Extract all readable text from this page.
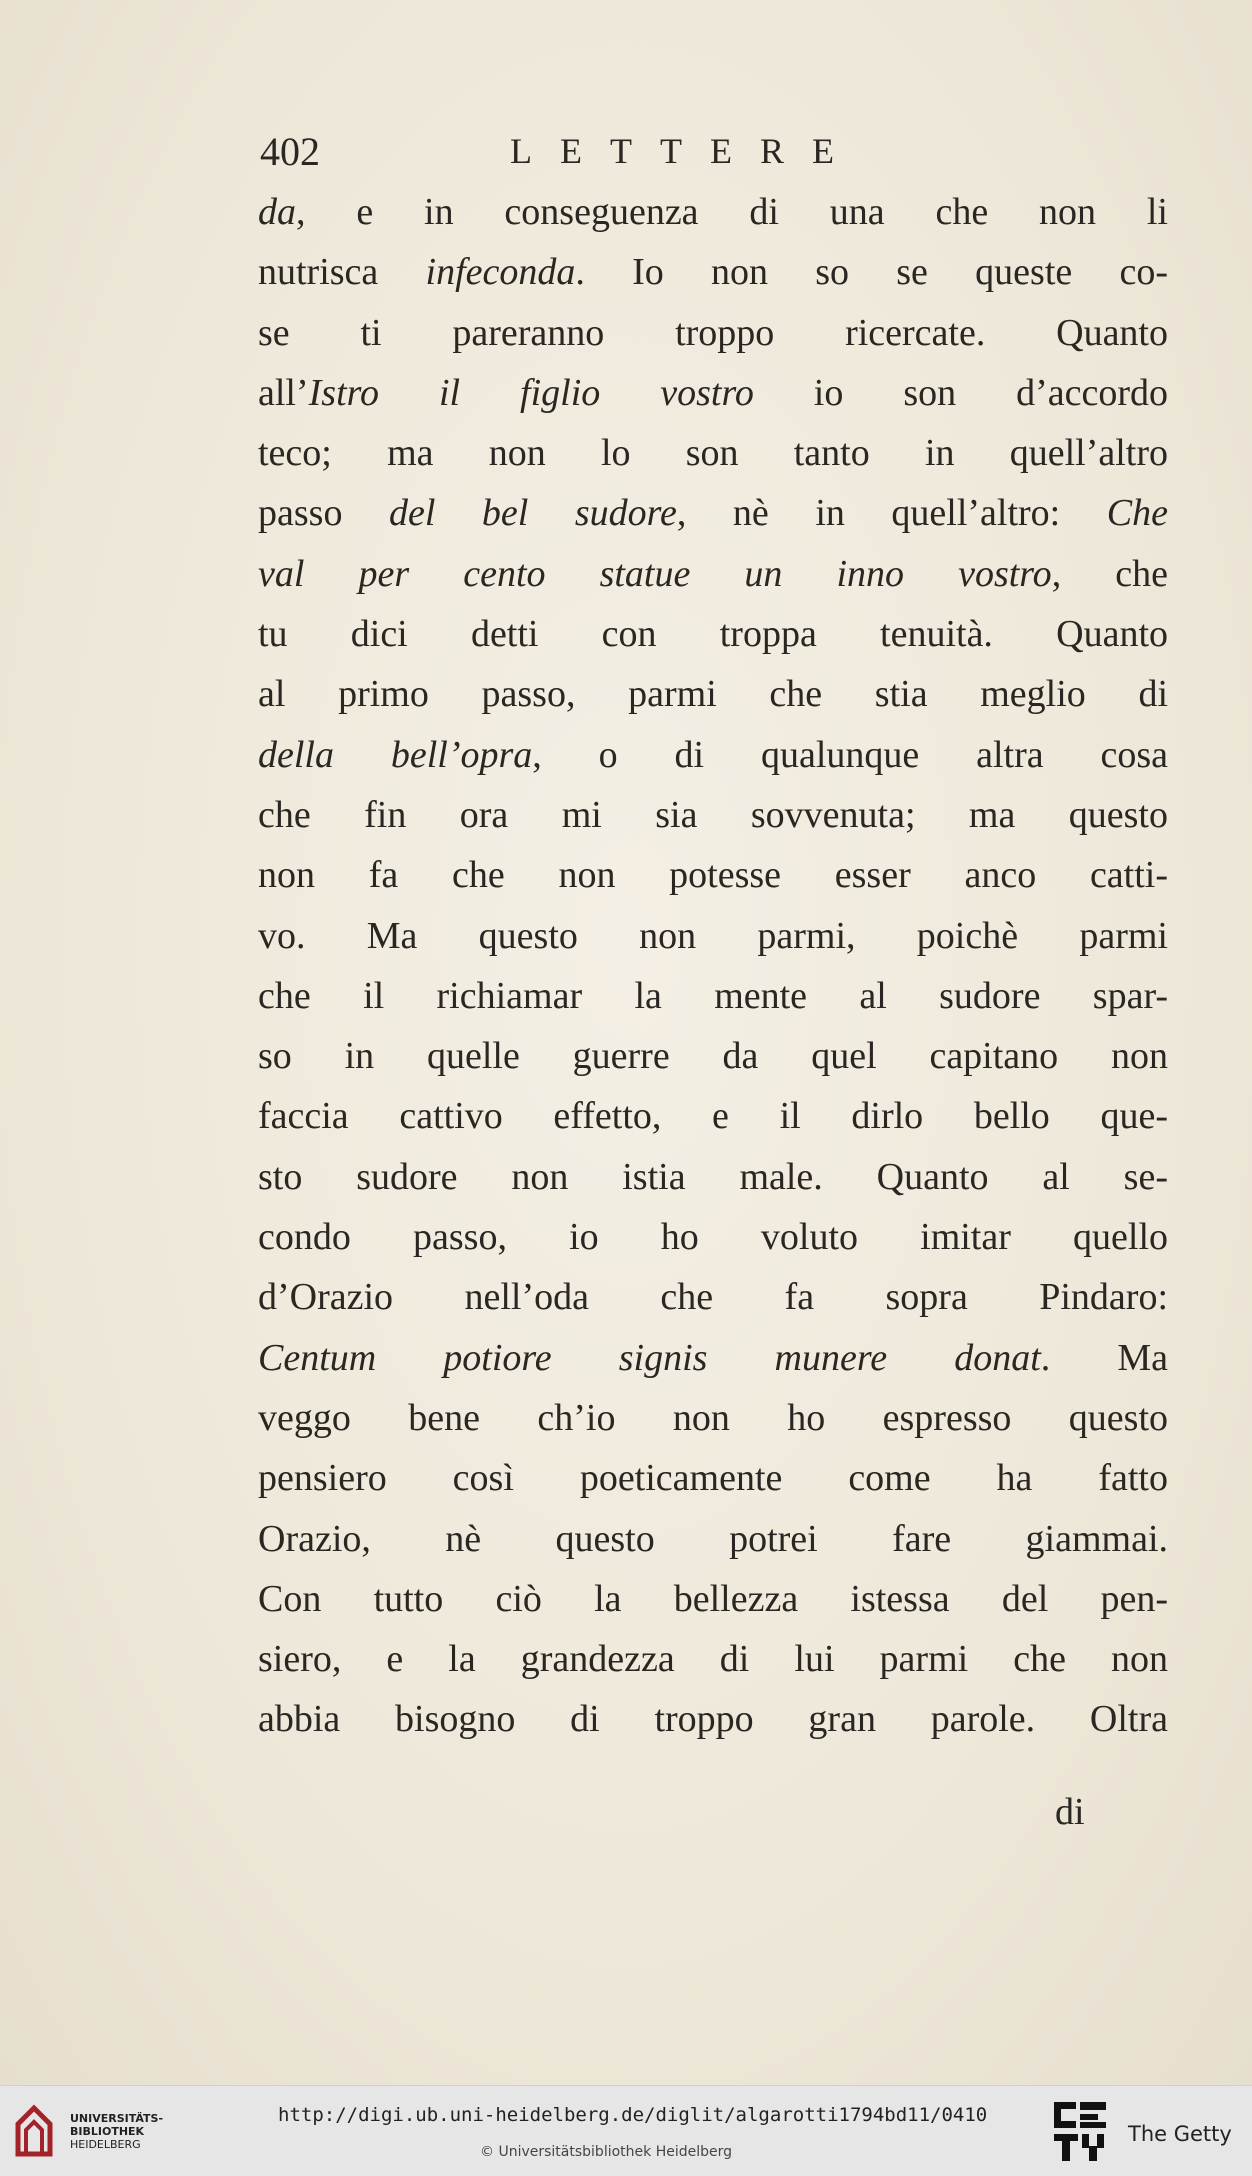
402	LETTERE
da, e in conseguenza di una che non li
nutrisca infeconda. Io non so se queste co-
se ti pareranno troppo ricercate. Quanto
all’Istro il figlio vostro io son d’accordo
teco; ma non lo son tanto in quell’altro
passo del bel sudore, nè in quell’altro: Che
val per cento statue un inno vostro, che
tu dici detti con troppa tenuità. Quanto
al primo passo, parmi che stia meglio di
della bell’opra, o di qualunque altra cosa
che fin ora mi sia sovvenuta; ma questo
non fa che non potesse esser anco catti-
vo. Ma questo non parmi, poichè parmi
che il richiamar la mente al sudore spar-
so in quelle guerre da quel capitano non
faccia cattivo effetto, e il dirlo bello que-
sto sudore non istia male. Quanto al se-
condo passo, io ho voluto imitar quello
d’Orazio nell’oda che fa sopra Pindaro:
Centum potiore signis munere donat. Ma
veggo bene ch’io non ho espresso questo
pensiero così poeticamente come ha fatto
Orazio, nè questo potrei fare giammai.
Con tutto ciò la bellezza istessa del pen-
siero, e la grandezza di lui parmi che non
abbia bisogno di troppo gran parole. Oltra
di
UNIVERSITÄTS-
BIBLIOTHEK
HEIDELBERG
http://digi.ub.uni-heidelberg.de/diglit/algarotti1794bd11/0410
© Universitätsbibliothek Heidelberg
The Getty
